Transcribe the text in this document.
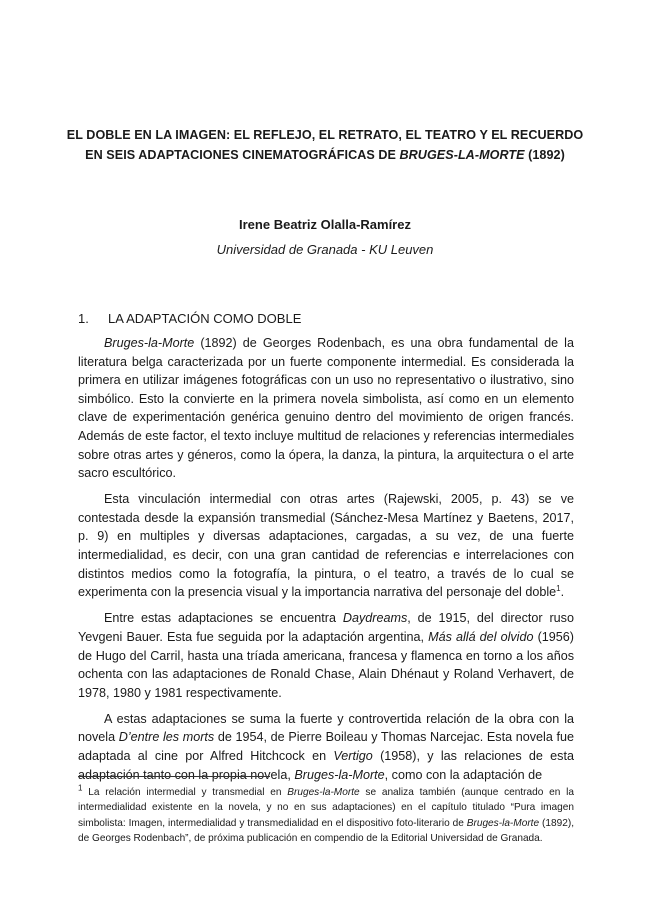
EL DOBLE EN LA IMAGEN: EL REFLEJO, EL RETRATO, EL TEATRO Y EL RECUERDO
EN SEIS ADAPTACIONES CINEMATOGRÁFICAS DE BRUGES-LA-MORTE (1892)
Irene Beatriz Olalla-Ramírez
Universidad de Granada - KU Leuven
1. LA ADAPTACIÓN COMO DOBLE

Bruges-la-Morte (1892) de Georges Rodenbach, es una obra fundamental de la literatura belga caracterizada por un fuerte componente intermedial. Es considerada la primera en utilizar imágenes fotográficas con un uso no representativo o ilustrativo, sino simbólico. Esto la convierte en la primera novela simbolista, así como en un elemento clave de experimentación genérica genuino dentro del movimiento de origen francés. Además de este factor, el texto incluye multitud de relaciones y referencias intermediales sobre otras artes y géneros, como la ópera, la danza, la pintura, la arquitectura o el arte sacro escultórico.

Esta vinculación intermedial con otras artes (Rajewski, 2005, p. 43) se ve contestada desde la expansión transmedial (Sánchez-Mesa Martínez y Baetens, 2017, p. 9) en multiples y diversas adaptaciones, cargadas, a su vez, de una fuerte intermedialidad, es decir, con una gran cantidad de referencias e interrelaciones con distintos medios como la fotografía, la pintura, o el teatro, a través de lo cual se experimenta con la presencia visual y la importancia narrativa del personaje del doble$^1$.

Entre estas adaptaciones se encuentra Daydreams, de 1915, del director ruso Yevgeni Bauer. Esta fue seguida por la adaptación argentina, Más allá del olvido (1956) de Hugo del Carril, hasta una tríada americana, francesa y flamenca en torno a los años ochenta con las adaptaciones de Ronald Chase, Alain Dhénaut y Roland Verhavert, de 1978, 1980 y 1981 respectivamente.

A estas adaptaciones se suma la fuerte y controvertida relación de la obra con la novela D’entre les morts de 1954, de Pierre Boileau y Thomas Narcejac. Esta novela fue adaptada al cine por Alfred Hitchcock en Vertigo (1958), y las relaciones de esta adaptación tanto con la propia novela, Bruges-la-Morte, como con la adaptación de

$^1$ La relación intermedial y transmedial en Bruges-la-Morte se analiza también (aunque centrado en la intermedialidad existente en la novela, y no en sus adaptaciones) en el capítulo titulado “Pura imagen simbolista: Imagen, intermedialidad y transmedialidad en el dispositivo foto-literario de Bruges-la-Morte (1892), de Georges Rodenbach”, de próxima publicación en compendio de la Editorial Universidad de Granada.
